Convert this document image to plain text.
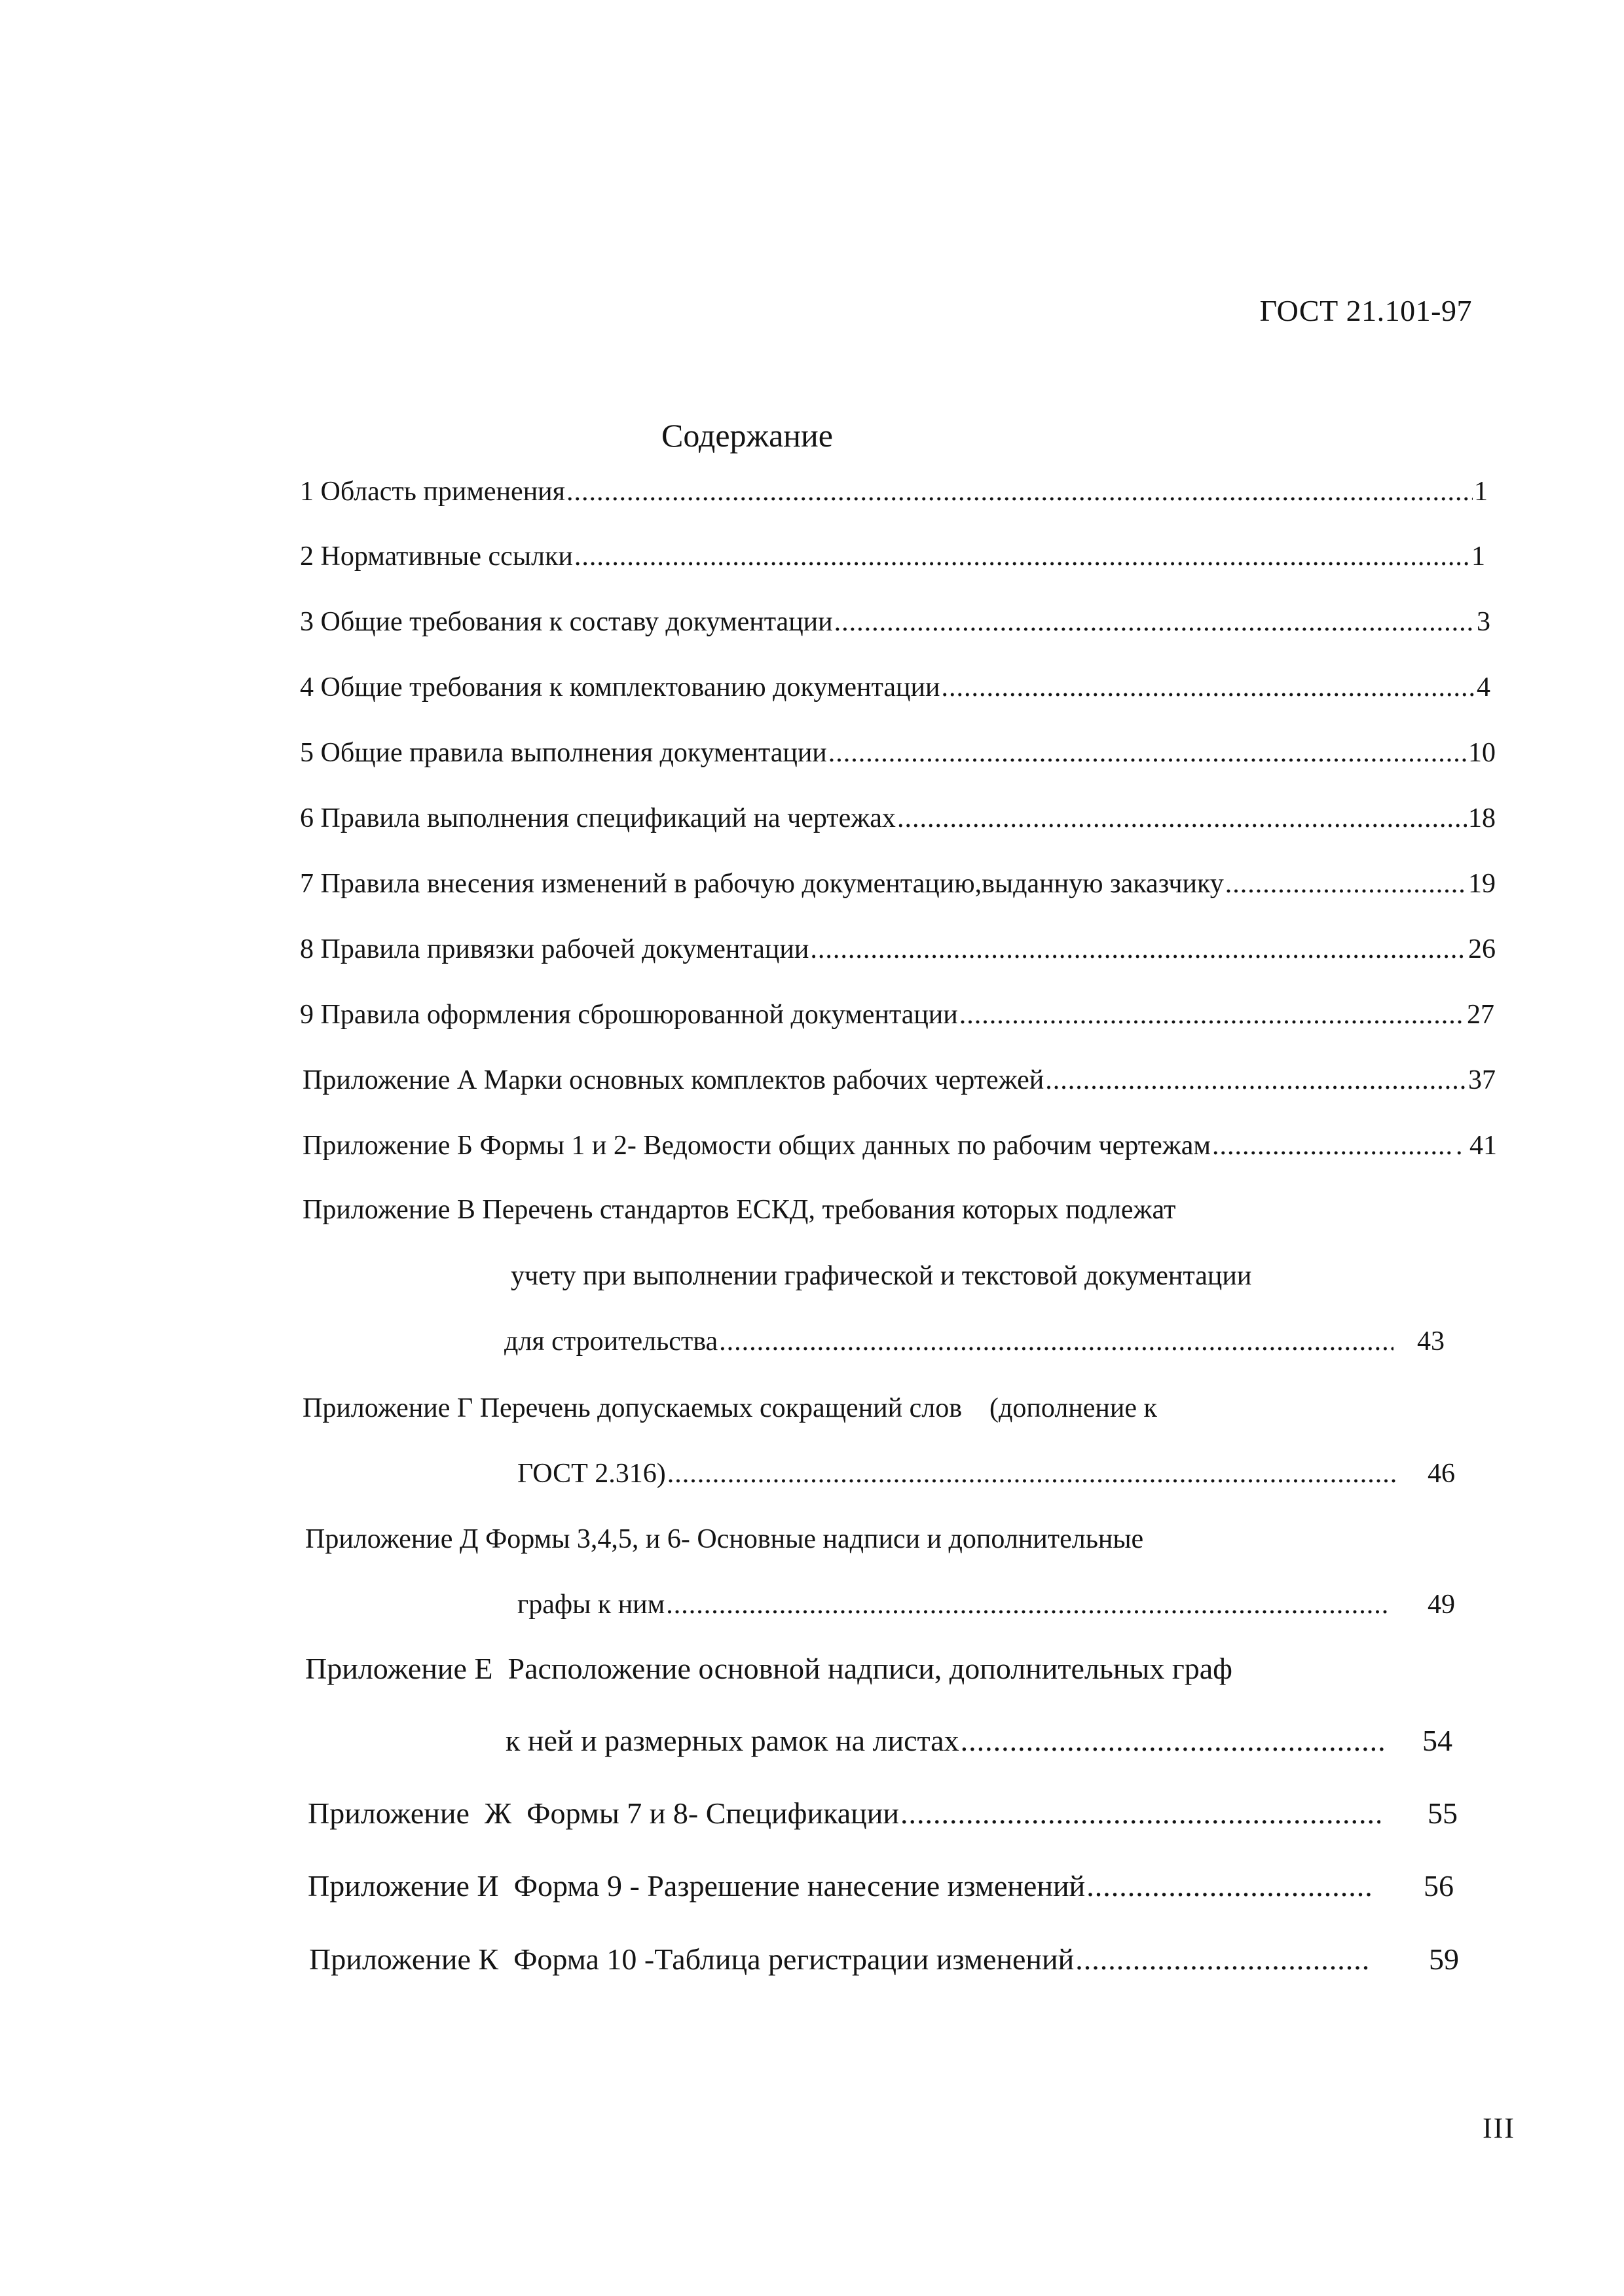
ГОСТ 21.101-97
Содержание
1 Область применения .....	1
2 Нормативные ссылки .....	1
3 Общие требования к составу документации .....	3
4 Общие требования к комплектованию документации .....	4
5 Общие правила выполнения документации .....	10
6 Правила выполнения спецификаций на чертежах .....	18
7 Правила внесения изменений в рабочую документацию,выданную заказчику .....	19
8 Правила привязки рабочей документации .....	26
9 Правила оформления сброшюрованной документации .....	27
Приложение А Марки основных комплектов рабочих чертежей .....	37
Приложение Б Формы 1 и 2- Ведомости общих данных по рабочим чертежам .....	. 41
Приложение В Перечень стандартов ЕСКД, требования которых подлежат
учету при выполнении графической и текстовой документации
для строительства .....	43
Приложение Г Перечень допускаемых сокращений слов    (дополнение к
ГОСТ 2.316) .....	46
Приложение Д Формы 3,4,5, и 6- Основные надписи и дополнительные
графы к ним .....	49
Приложение Е  Расположение основной надписи, дополнительных граф
к ней и размерных рамок на листах .....	54
Приложение  Ж  Формы 7 и 8- Спецификации .....	55
Приложение И  Форма 9 - Разрешение нанесение изменений .....	56
Приложение К  Форма 10 -Таблица регистрации изменений .....	59
III
